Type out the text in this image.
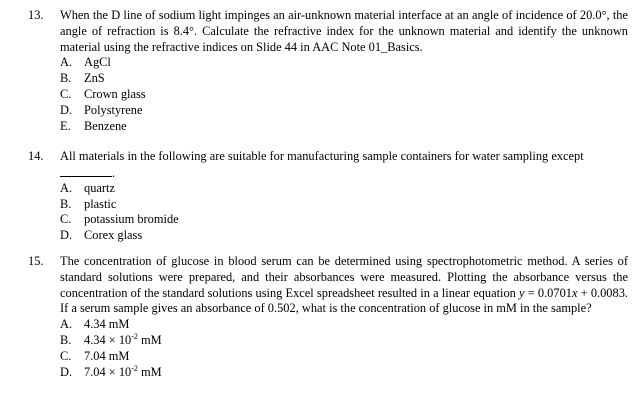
13.	When the D line of sodium light impinges an air-unknown material interface at an angle of incidence of 20.0°, the angle of refraction is 8.4°. Calculate the refractive index for the unknown material and identify the unknown material using the refractive indices on Slide 44 in AAC Note 01_Basics.
A. AgCl
B.	ZnS
C.	Crown glass
D. Polystyrene
E.	Benzene
14.	All materials in the following are suitable for manufacturing sample containers for water sampling except
.
A. quartz
B.	plastic
C.	potassium bromide
D. Corex glass
15.	The concentration of glucose in blood serum can be determined using spectrophotometric method. A series of standard solutions were prepared, and their absorbances were measured. Plotting the absorbance versus the concentration of the standard solutions using Excel spreadsheet resulted in a linear equation y = 0.0701x + 0.0083. If a serum sample gives an absorbance of 0.502, what is the concentration of glucose in mM in the sample?
A. 4.34 mM
B.	$4.34 \times 10^{-2}$ mM
C.	7.04 mM
D. $7.04 \times 10^{-2}$ mM
